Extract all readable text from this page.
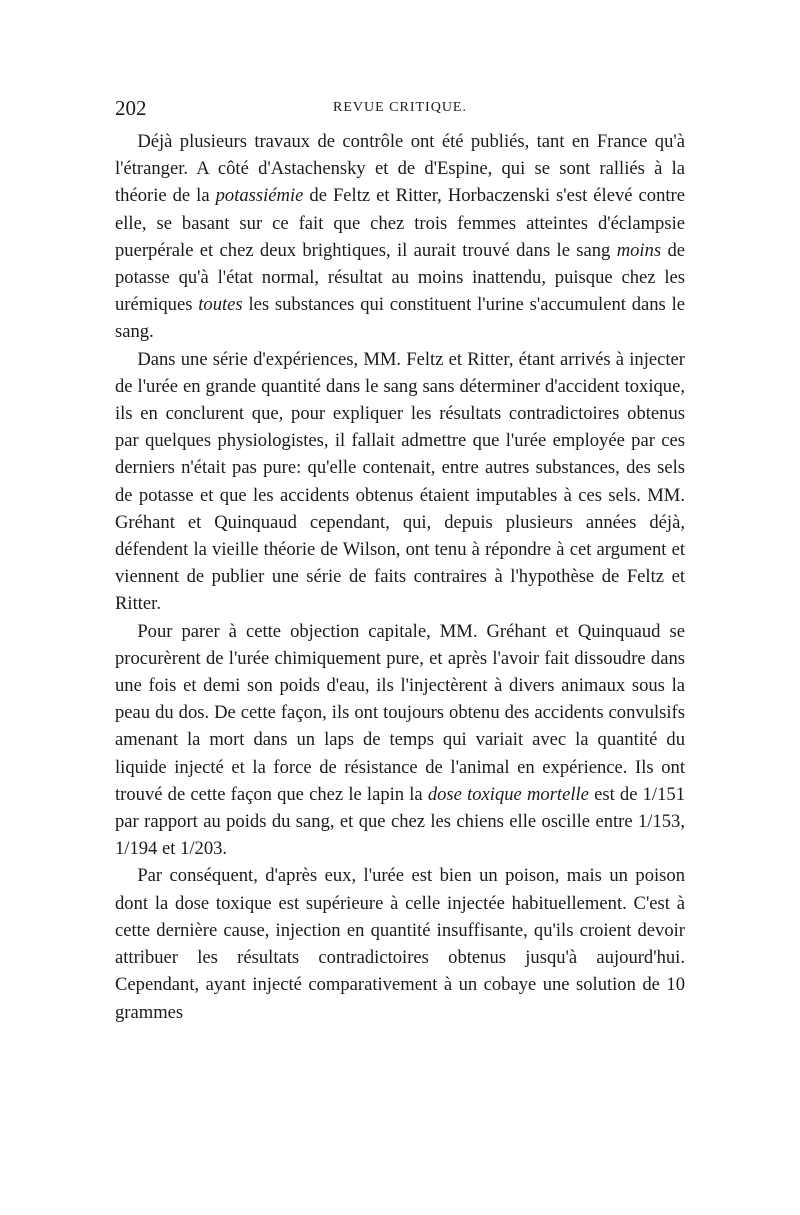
202	REVUE CRITIQUE.

Déjà plusieurs travaux de contrôle ont été publiés, tant en France qu'à l'étranger. A côté d'Astachensky et de d'Espine, qui se sont ralliés à la théorie de la potassiémie de Feltz et Ritter, Horbaczenski s'est élevé contre elle, se basant sur ce fait que chez trois femmes atteintes d'éclampsie puerpérale et chez deux brightiques, il aurait trouvé dans le sang moins de potasse qu'à l'état normal, résultat au moins inattendu, puisque chez les urémiques toutes les substances qui constituent l'urine s'accumulent dans le sang.

Dans une série d'expériences, MM. Feltz et Ritter, étant arrivés à injecter de l'urée en grande quantité dans le sang sans déterminer d'accident toxique, ils en conclurent que, pour expliquer les résultats contradictoires obtenus par quelques physiologistes, il fallait admettre que l'urée employée par ces derniers n'était pas pure: qu'elle contenait, entre autres substances, des sels de potasse et que les accidents obtenus étaient imputables à ces sels. MM. Gréhant et Quinquaud cependant, qui, depuis plusieurs années déjà, défendent la vieille théorie de Wilson, ont tenu à répondre à cet argument et viennent de publier une série de faits contraires à l'hypothèse de Feltz et Ritter.

Pour parer à cette objection capitale, MM. Gréhant et Quinquaud se procurèrent de l'urée chimiquement pure, et après l'avoir fait dissoudre dans une fois et demi son poids d'eau, ils l'injectèrent à divers animaux sous la peau du dos. De cette façon, ils ont toujours obtenu des accidents convulsifs amenant la mort dans un laps de temps qui variait avec la quantité du liquide injecté et la force de résistance de l'animal en expérience. Ils ont trouvé de cette façon que chez le lapin la dose toxique mortelle est de 1/151 par rapport au poids du sang, et que chez les chiens elle oscille entre 1/153, 1/194 et 1/203.

Par conséquent, d'après eux, l'urée est bien un poison, mais un poison dont la dose toxique est supérieure à celle injectée habituellement. C'est à cette dernière cause, injection en quantité insuffisante, qu'ils croient devoir attribuer les résultats contradictoires obtenus jusqu'à aujourd'hui. Cependant, ayant injecté comparativement à un cobaye une solution de 10 grammes
